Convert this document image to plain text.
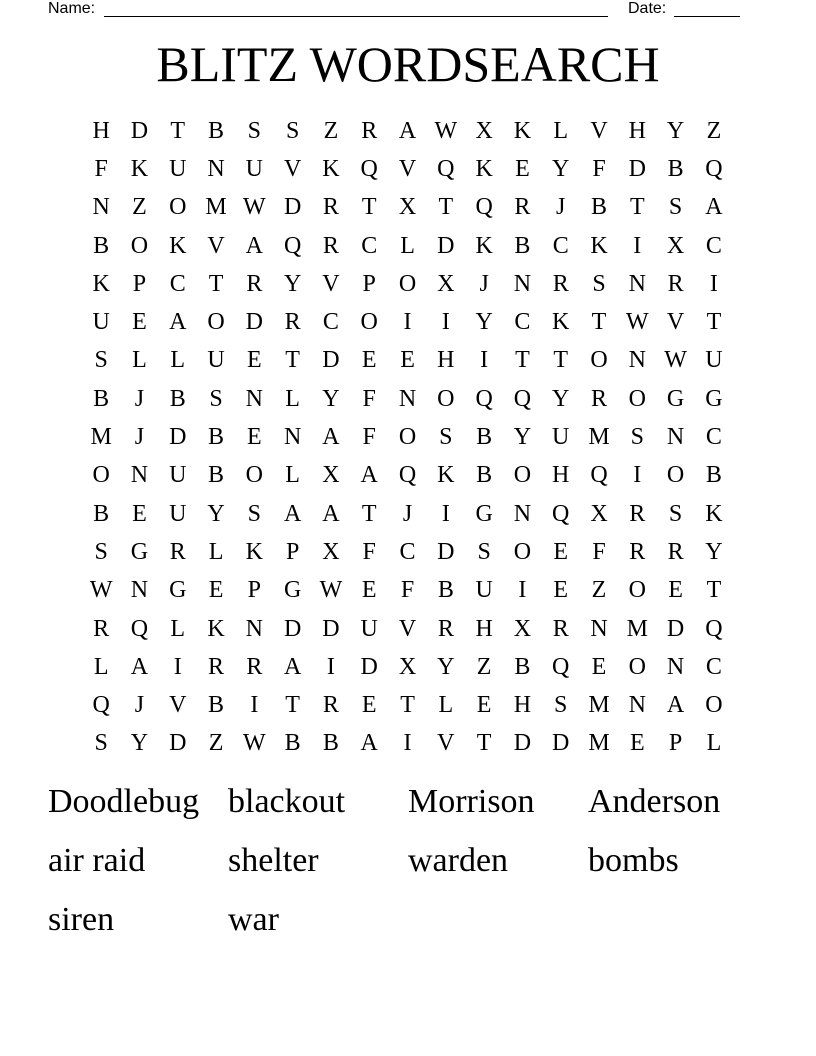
Name:	Date:
BLITZ WORDSEARCH
H D T B S	S	Z R A W X K L V H Y Z
F K U N U V K Q V Q K E Y F D B Q
N Z O M W D R T X T Q R	J	B T	S A
B O K V A Q R C L D K B C K	I	X C
K P C T R Y V P O X	J	N R S N R	I
U E A O D R C O	I	I	Y C K T W V T
S	L L U E T D E E H	I	T T O N W U
B	J	B S N L Y F N O Q Q Y R O G G
M J	D B E N A F O S B Y U M S N C
O N U B O L X A Q K B O H Q	I	O B
B E U Y S A A T	J	I	G N Q X R S K
S G R L K P X F C D S O E	F R R Y
W N G E	P G W E	F B U	I	E Z O E T
R Q L K N D D U V R H X R N M D Q
L A	I	R R A	I	D X Y Z B Q E O N C
Q	J	V B	I	T R E T L E H S M N A O
S Y D Z W B B A	I	V T D D M E	P	L
Doodlebug blackout	Morrison	Anderson
air raid	shelter	warden	bombs
siren	war
